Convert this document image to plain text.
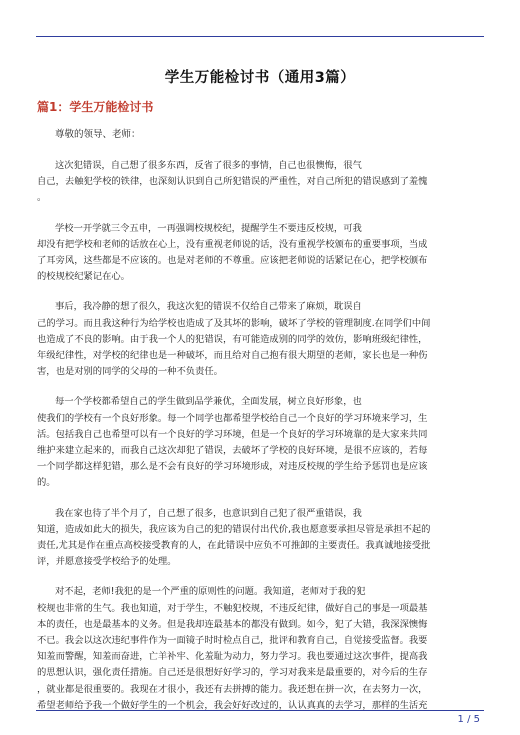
学生万能检讨书（通用3篇）
篇1：学生万能检讨书
尊敬的领导、老师：
这次犯错误，自己想了很多东西，反省了很多的事情，自己也很懊悔，很气
自己，去触犯学校的铁律，也深刻认识到自己所犯错误的严重性，对自己所犯的错误感到了羞愧
。
学校一开学就三令五申，一再强调校规校纪，提醒学生不要违反校规，可我
却没有把学校和老师的话放在心上，没有重视老师说的话，没有重视学校颁布的重要事项，当成
了耳旁风，这些都是不应该的。也是对老师的不尊重。应该把老师说的话紧记在心，把学校颁布
的校规校纪紧记在心。
事后，我冷静的想了很久，我这次犯的错误不仅给自己带来了麻烦，耽误自
己的学习。而且我这种行为给学校也造成了及其坏的影响，破坏了学校的管理制度.在同学们中间
也造成了不良的影响。由于我一个人的犯错误，有可能造成别的同学的效仿，影响班级纪律性，
年级纪律性，对学校的纪律也是一种破坏，而且给对自己抱有很大期望的老师，家长也是一种伤
害，也是对别的同学的父母的一种不负责任。
每一个学校都希望自己的学生做到品学兼优，全面发展，树立良好形象，也
使我们的学校有一个良好形象。每一个同学也都希望学校给自己一个良好的学习环境来学习，生
活。包括我自己也希望可以有一个良好的学习环境，但是一个良好的学习环境靠的是大家来共同
维护来建立起来的，而我自己这次却犯了错误，去破坏了学校的良好环境，是很不应该的，若每
一个同学都这样犯错，那么是不会有良好的学习环境形成，对违反校规的学生给予惩罚也是应该
的。
我在家也待了半个月了，自己想了很多，也意识到自己犯了很严重错误，我
知道，造成如此大的损失，我应该为自己的犯的错误付出代价,我也愿意要承担尽管是承担不起的
责任,尤其是作在重点高校接受教育的人，在此错误中应负不可推卸的主要责任。我真诚地接受批
评，并愿意接受学校给予的处理。
对不起，老师!我犯的是一个严重的原则性的问题。我知道，老师对于我的犯
校规也非常的生气。我也知道，对于学生，不触犯校规，不违反纪律，做好自己的事是一项最基
本的责任，也是最基本的义务。但是我却连最基本的都没有做到。如今，犯了大错，我深深懊悔
不已。我会以这次违纪事件作为一面镜子时时检点自己，批评和教育自己，自觉接受监督。我要
知羞而警醒，知羞而奋进，亡羊补牢、化羞耻为动力，努力学习。我也要通过这次事件，提高我
的思想认识，强化责任措施。自己还是很想好好学习的，学习对我来是最重要的，对今后的生存
，就业都是很重要的。我现在才很小，我还有去拼搏的能力。我还想在拼一次，在去努力一次，
希望老师给予我一个做好学生的一个机会，我会好好改过的，认认真真的去学习，那样的生活充
1 / 5
